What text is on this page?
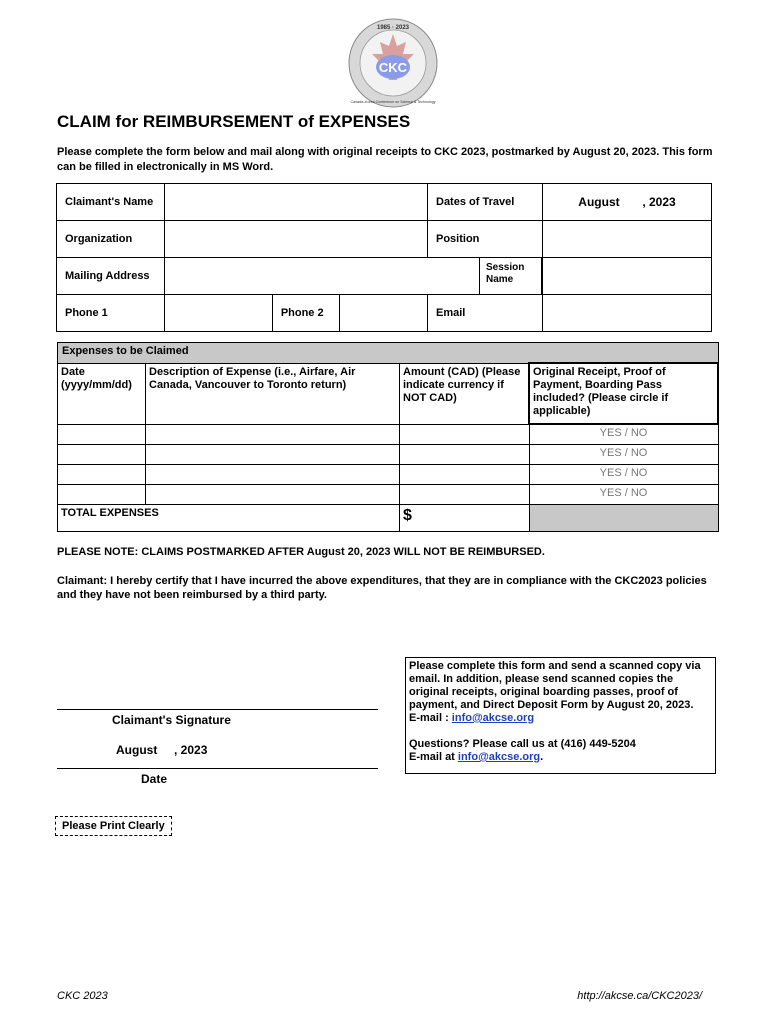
CKC
1985 · 2023
Canada–Korea Conference on Science & Technology
CLAIM for REIMBURSEMENT of EXPENSES
Please complete the form below and mail along with original receipts to CKC 2023, postmarked by August 20, 2023. This form can be filled in electronically in MS Word.
Claimant's Name				Dates of Travel	August , 2023
Organization				Position	
Mailing Address					Session Name

Phone 1		Phone 2		Email	
Expenses to be Claimed			
Date (yyyy/mm/dd)	Description of Expense (i.e., Airfare, Air Canada, Vancouver to Toronto return)	Amount (CAD) (Please indicate currency if NOT CAD)	Original Receipt, Proof of Payment, Boarding Pass included? (Please circle if applicable)
			YES / NO
			YES / NO
			YES / NO
			YES / NO
TOTAL EXPENSES		$	
PLEASE NOTE: CLAIMS POSTMARKED AFTER August 20, 2023 WILL NOT BE REIMBURSED.
Claimant: I hereby certify that I have incurred the above expenditures, that they are in compliance with the CKC2023 policies and they have not been reimbursed by a third party.
Please complete this form and send a scanned copy via email. In addition, please send scanned copies the original receipts, original boarding passes, proof of payment, and Direct Deposit Form by August 20, 2023.
E-mail : info@akcse.org
Questions? Please call us at (416) 449-5204
E-mail at info@akcse.org.
Claimant's Signature
August , 2023
Date
Please Print Clearly
CKC 2023	http://akcse.ca/CKC2023/
